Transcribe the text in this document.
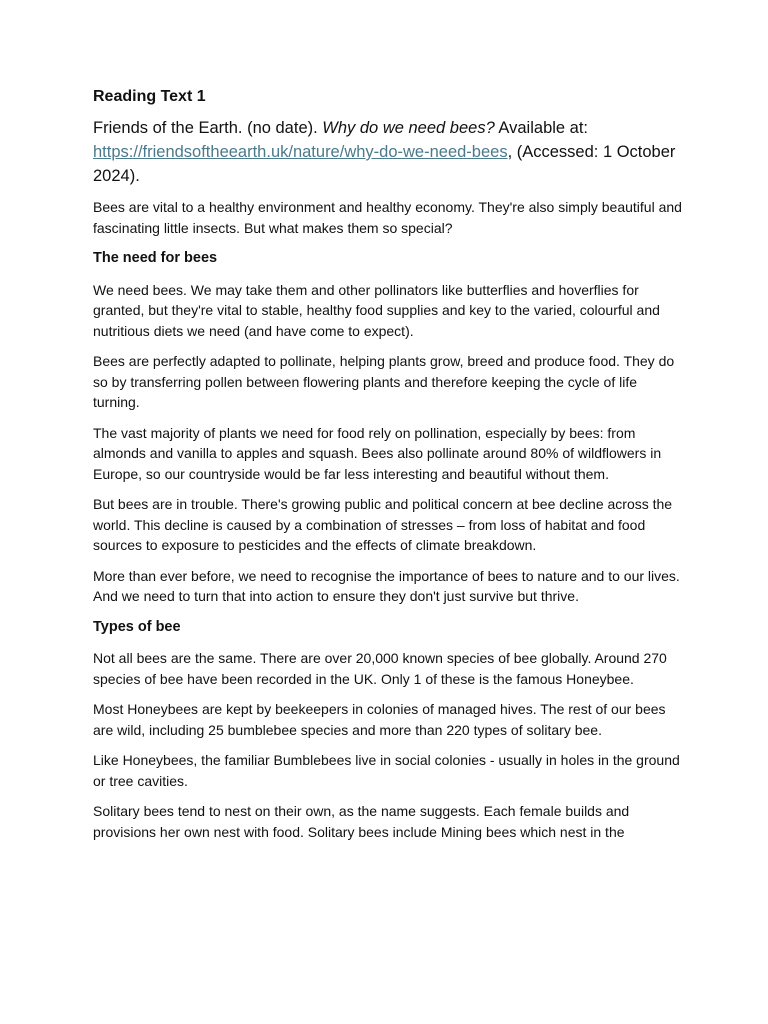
Reading Text 1
Friends of the Earth. (no date). Why do we need bees? Available at: https://friendsoftheearth.uk/nature/why-do-we-need-bees, (Accessed: 1 October 2024).

Bees are vital to a healthy environment and healthy economy. They're also simply beautiful and fascinating little insects. But what makes them so special?

The need for bees

We need bees. We may take them and other pollinators like butterflies and hoverflies for granted, but they're vital to stable, healthy food supplies and key to the varied, colourful and nutritious diets we need (and have come to expect).

Bees are perfectly adapted to pollinate, helping plants grow, breed and produce food. They do so by transferring pollen between flowering plants and therefore keeping the cycle of life turning.

The vast majority of plants we need for food rely on pollination, especially by bees: from almonds and vanilla to apples and squash. Bees also pollinate around 80% of wildflowers in Europe, so our countryside would be far less interesting and beautiful without them.

But bees are in trouble. There's growing public and political concern at bee decline across the world. This decline is caused by a combination of stresses – from loss of habitat and food sources to exposure to pesticides and the effects of climate breakdown.

More than ever before, we need to recognise the importance of bees to nature and to our lives. And we need to turn that into action to ensure they don't just survive but thrive.

Types of bee

Not all bees are the same. There are over 20,000 known species of bee globally. Around 270 species of bee have been recorded in the UK. Only 1 of these is the famous Honeybee.

Most Honeybees are kept by beekeepers in colonies of managed hives. The rest of our bees are wild, including 25 bumblebee species and more than 220 types of solitary bee.

Like Honeybees, the familiar Bumblebees live in social colonies - usually in holes in the ground or tree cavities.

Solitary bees tend to nest on their own, as the name suggests. Each female builds and provisions her own nest with food. Solitary bees include Mining bees which nest in the
